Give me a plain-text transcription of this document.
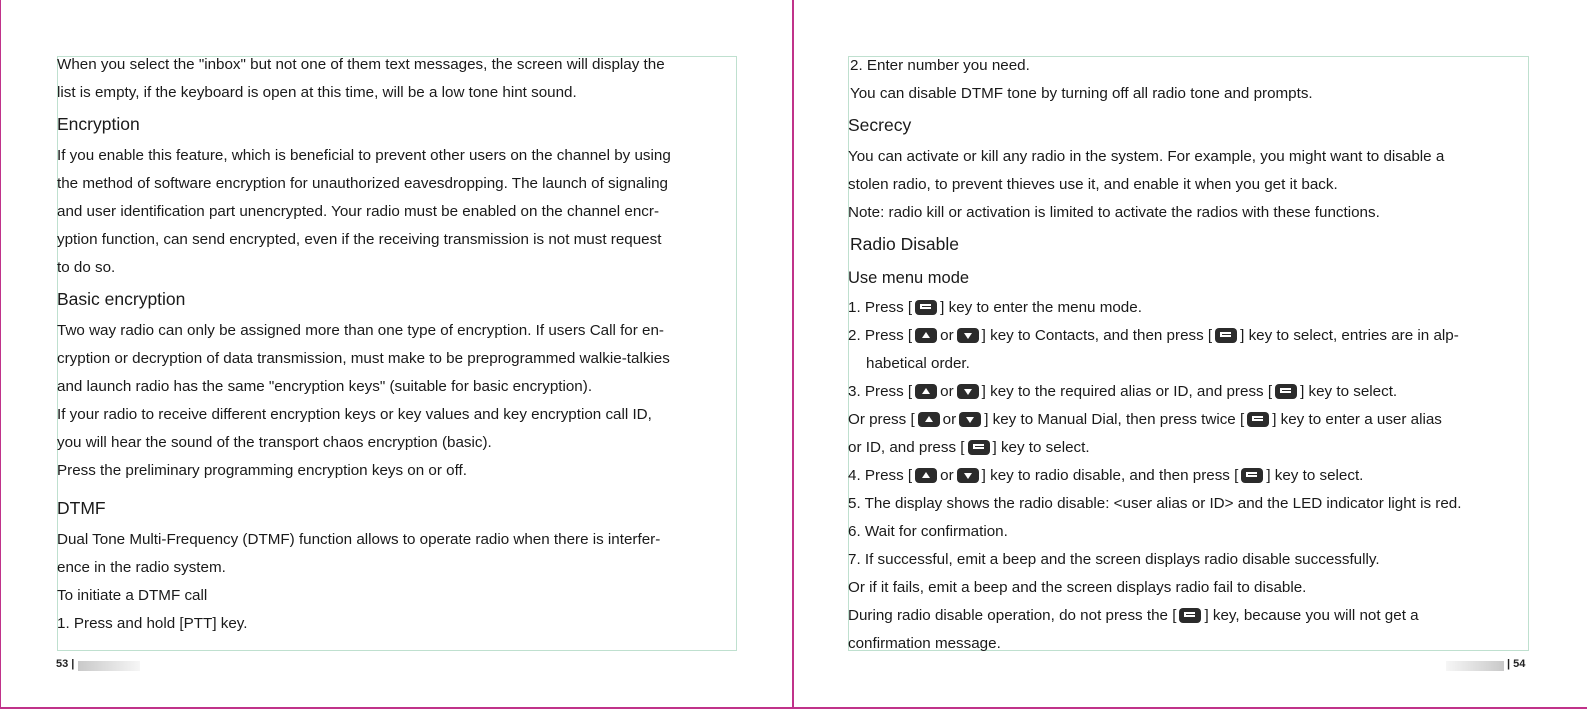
When you select the "inbox" but not one of them text messages, the screen will display the
list is empty, if the keyboard is open at this time, will be a low tone hint sound.
Encryption
If you enable this feature, which is beneficial to prevent other users on the channel by using
the method of software encryption for unauthorized eavesdropping. The launch of signaling
and user identification part unencrypted. Your radio must be enabled on the channel encr-
yption function, can send encrypted, even if the receiving transmission is not must request
to do so.
Basic encryption
Two way radio can only be assigned more than one type of encryption. If users Call for en-
cryption or decryption of data transmission, must make to be preprogrammed walkie-talkies
and launch radio has the same "encryption keys" (suitable for basic encryption).
If your radio to receive different encryption keys or key values and key encryption call ID,
you will hear the sound of the transport chaos encryption (basic).
Press the preliminary programming encryption keys on or off.
DTMF
Dual Tone Multi-Frequency (DTMF) function allows to operate radio when there is interfer-
ence in the radio system.
To initiate a DTMF call
1. Press and hold [PTT] key.
2. Enter number you need.
You can disable DTMF tone by turning off all radio tone and prompts.
Secrecy
You can activate or kill any radio in the system. For example, you might want to disable a
stolen radio, to prevent thieves use it, and enable it when you get it back.
Note: radio kill or activation is limited to activate the radios with these functions.
Radio Disable
Use menu mode
1. Press [ ] key to enter the menu mode.
2. Press [ or ] key to Contacts, and then press [ ] key to select, entries are in alp-
habetical order.
3. Press [ or ] key to the required alias or ID, and press [ ] key to select.
Or press [ or ] key to Manual Dial, then press twice [ ] key to enter a user alias
or ID, and press [ ] key to select.
4. Press [ or ] key to radio disable, and then press [ ] key to select.
5. The display shows the radio disable: <user alias or ID> and the LED indicator light is red.
6. Wait for confirmation.
7. If successful, emit a beep and the screen displays radio disable successfully.
Or if it fails, emit a beep and the screen displays radio fail to disable.
During radio disable operation, do not press the [ ] key, because you will not get a
confirmation message.
53 |	| 54
